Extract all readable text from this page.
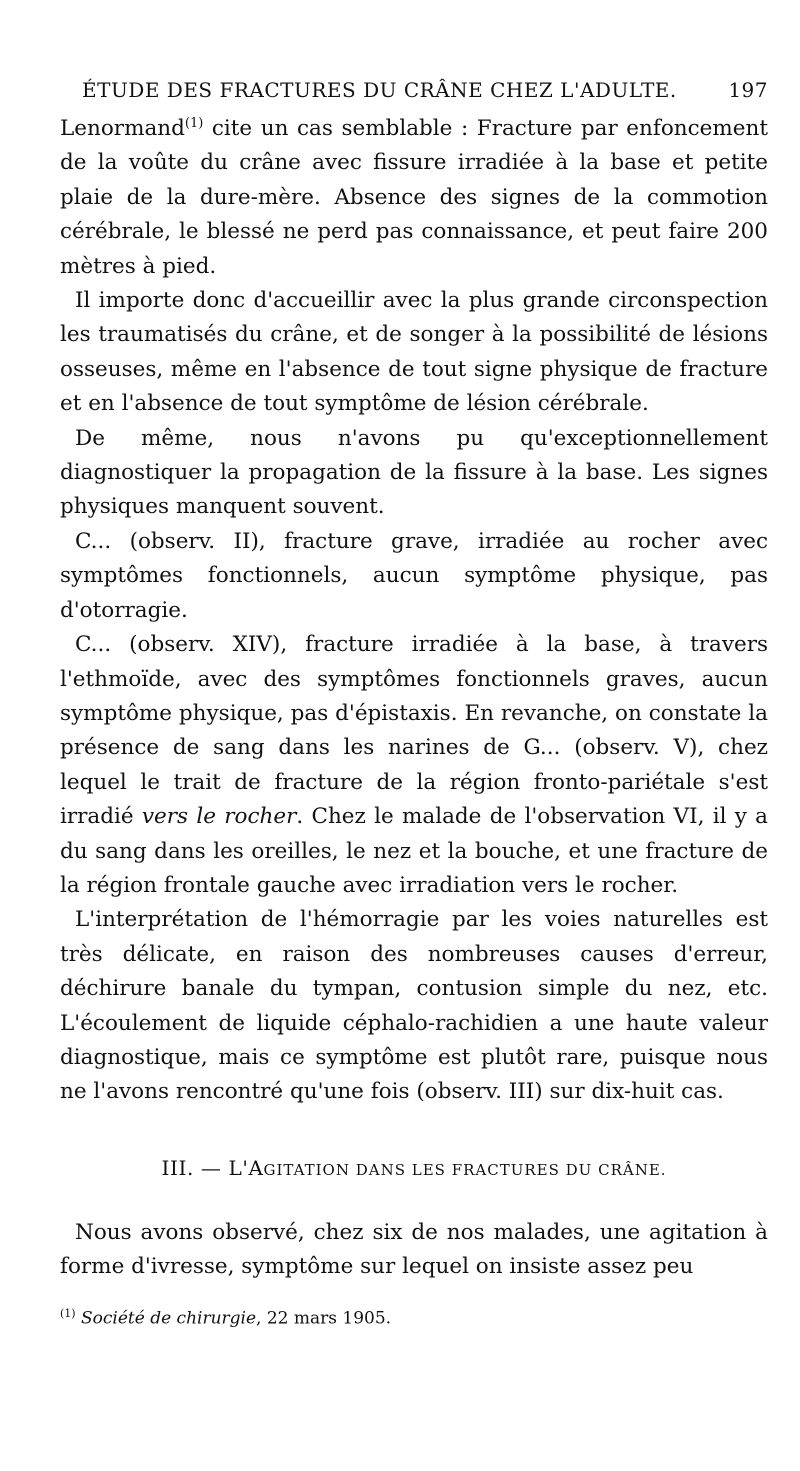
ÉTUDE DES FRACTURES DU CRÂNE CHEZ L'ADULTE.	197

Lenormand$^{(1)}$ cite un cas semblable : Fracture par enfoncement de la voûte du crâne avec fissure irradiée à la base et petite plaie de la dure-mère. Absence des signes de la commotion cérébrale, le blessé ne perd pas connaissance, et peut faire 200 mètres à pied.

Il importe donc d'accueillir avec la plus grande circonspection les traumatisés du crâne, et de songer à la possibilité de lésions osseuses, même en l'absence de tout signe physique de fracture et en l'absence de tout symptôme de lésion cérébrale.

De même, nous n'avons pu qu'exceptionnellement diagnostiquer la propagation de la fissure à la base. Les signes physiques manquent souvent.

C... (observ. II), fracture grave, irradiée au rocher avec symptômes fonctionnels, aucun symptôme physique, pas d'otorragie.

C... (observ. XIV), fracture irradiée à la base, à travers l'ethmoïde, avec des symptômes fonctionnels graves, aucun symptôme physique, pas d'épistaxis. En revanche, on constate la présence de sang dans les narines de G... (observ. V), chez lequel le trait de fracture de la région fronto-pariétale s'est irradié vers le rocher. Chez le malade de l'observation VI, il y a du sang dans les oreilles, le nez et la bouche, et une fracture de la région frontale gauche avec irradiation vers le rocher.

L'interprétation de l'hémorragie par les voies naturelles est très délicate, en raison des nombreuses causes d'erreur, déchirure banale du tympan, contusion simple du nez, etc. L'écoulement de liquide céphalo-rachidien a une haute valeur diagnostique, mais ce symptôme est plutôt rare, puisque nous ne l'avons rencontré qu'une fois (observ. III) sur dix-huit cas.

III. — L'AGITATION DANS LES FRACTURES DU CRÂNE.

Nous avons observé, chez six de nos malades, une agitation à forme d'ivresse, symptôme sur lequel on insiste assez peu

$^{(1)}$ Société de chirurgie, 22 mars 1905.
